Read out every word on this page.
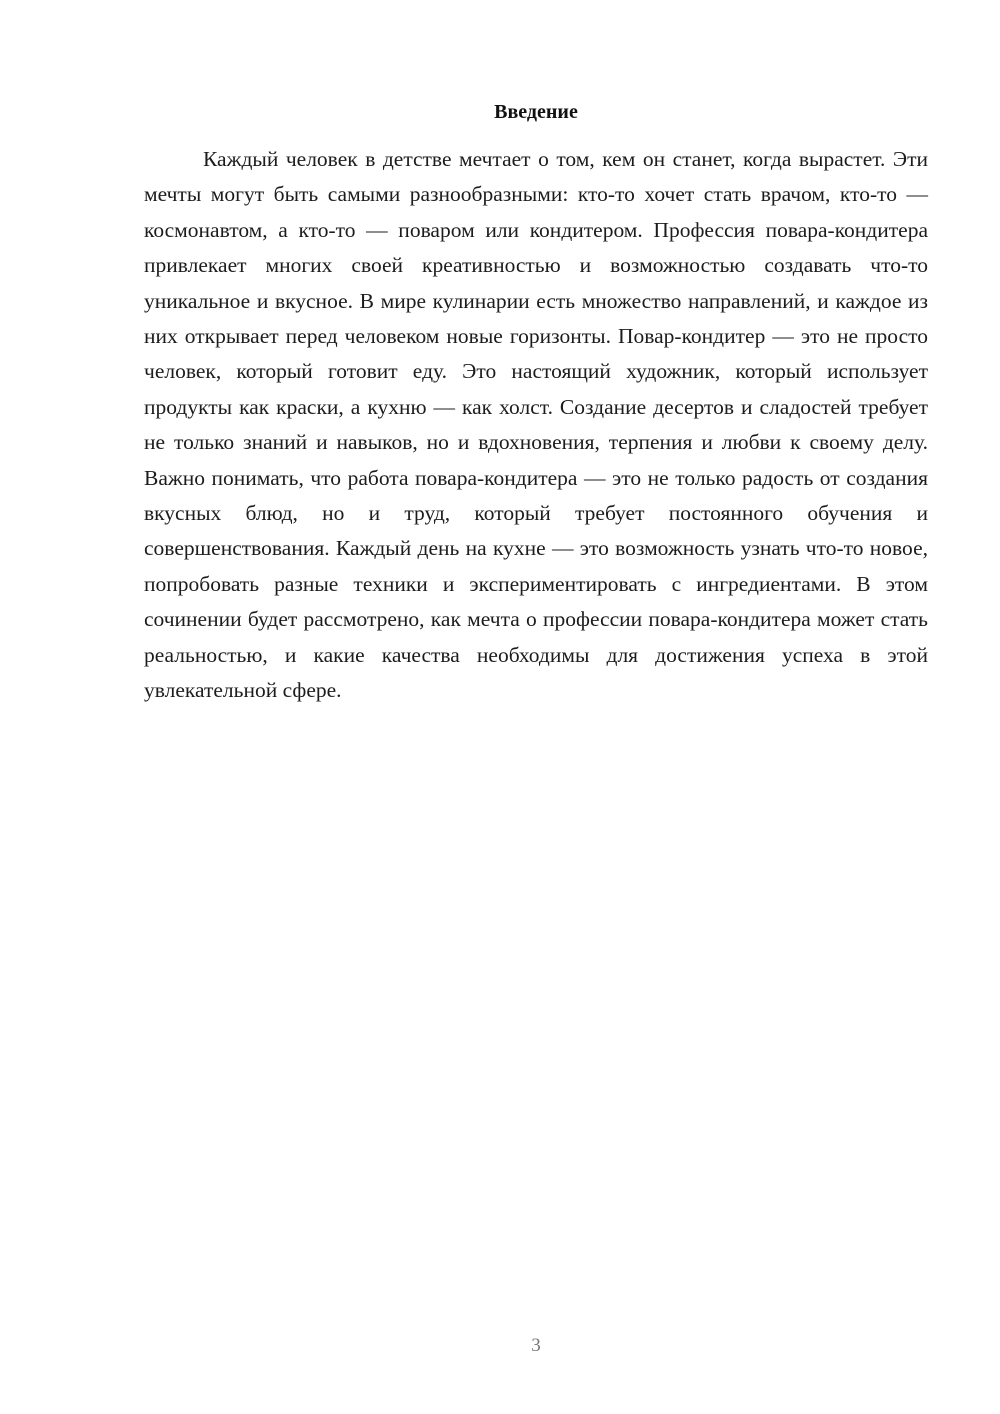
Введение

Каждый человек в детстве мечтает о том, кем он станет, когда вырастет. Эти мечты могут быть самыми разнообразными: кто-то хочет стать врачом, кто-то — космонавтом, а кто-то — поваром или кондитером. Профессия повара-кондитера привлекает многих своей креативностью и возможностью создавать что-то уникальное и вкусное. В мире кулинарии есть множество направлений, и каждое из них открывает перед человеком новые горизонты. Повар-кондитер — это не просто человек, который готовит еду. Это настоящий художник, который использует продукты как краски, а кухню — как холст. Создание десертов и сладостей требует не только знаний и навыков, но и вдохновения, терпения и любви к своему делу. Важно понимать, что работа повара-кондитера — это не только радость от создания вкусных блюд, но и труд, который требует постоянного обучения и совершенствования. Каждый день на кухне — это возможность узнать что-то новое, попробовать разные техники и экспериментировать с ингредиентами. В этом сочинении будет рассмотрено, как мечта о профессии повара-кондитера может стать реальностью, и какие качества необходимы для достижения успеха в этой увлекательной сфере.

3
